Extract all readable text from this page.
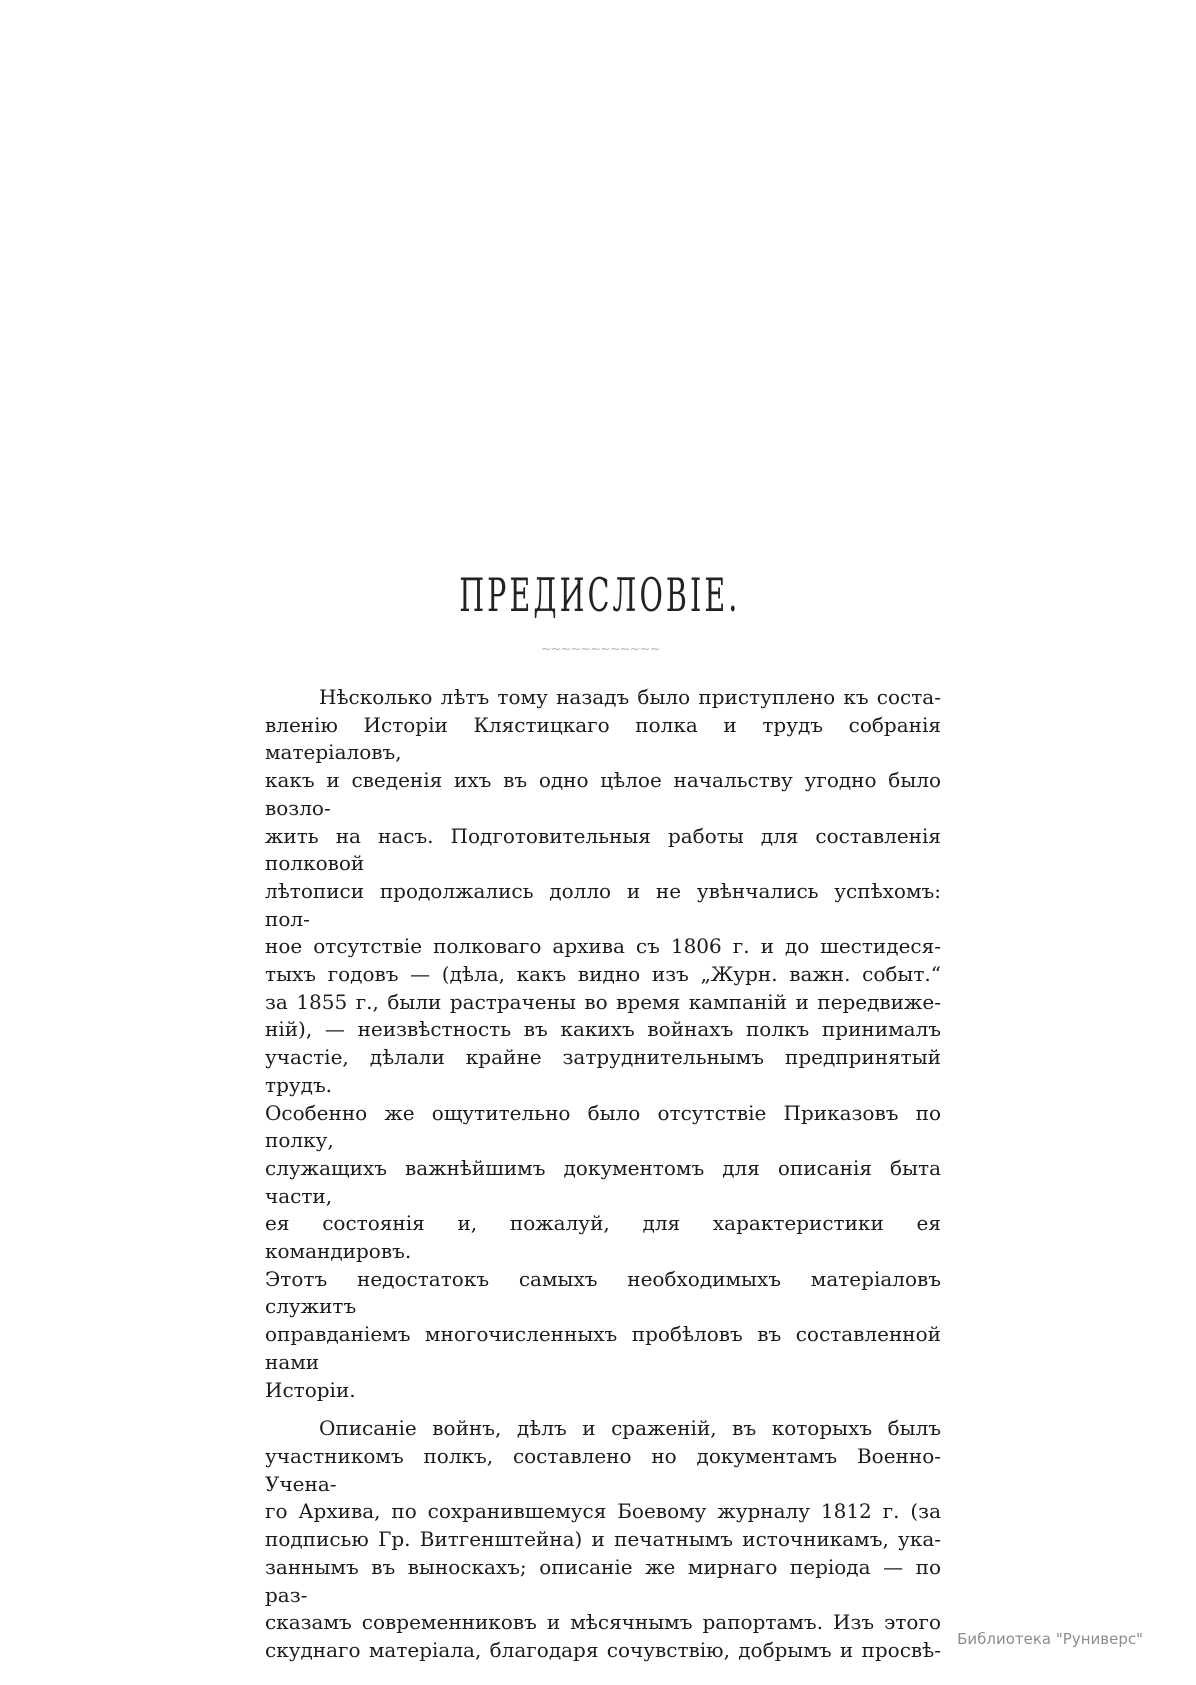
ПРЕДИСЛОВІЕ.
~~~~~~~~~~~~
Нѣсколько лѣтъ тому назадъ было приступлено къ соста-
вленію Исторіи Клястицкаго полка и трудъ собранія матеріаловъ,
какъ и сведенія ихъ въ одно цѣлое начальству угодно было возло-
жить на насъ. Подготовительныя работы для составленія полковой
лѣтописи продолжались долло и не увѣнчались успѣхомъ: пол-
ное отсутствіе полковаго архива съ 1806 г. и до шестидеся-
тыхъ годовъ — (дѣла, какъ видно изъ „Журн. важн. событ.“
за 1855 г., были растрачены во время кампаній и передвиже-
ній), — неизвѣстность въ какихъ войнахъ полкъ принималъ
участіе, дѣлали крайне затруднительнымъ предпринятый трудъ.
Особенно же ощутительно было отсутствіе Приказовъ по полку,
служащихъ важнѣйшимъ документомъ для описанія быта части,
ея состоянія и, пожалуй, для характеристики ея командировъ.
Этотъ недостатокъ самыхъ необходимыхъ матеріаловъ служитъ
оправданіемъ многочисленныхъ пробѣловъ въ составленной нами
Исторіи.
Описаніе войнъ, дѣлъ и сраженій, въ которыхъ былъ
участникомъ полкъ, составлено но документамъ Военно-Учена-
го Архива, по сохранившемуся Боевому журналу 1812 г. (за
подписью Гр. Витгенштейна) и печатнымъ источникамъ, ука-
заннымъ въ выноскахъ; описаніе же мирнаго періода — по раз-
сказамъ современниковъ и мѣсячнымъ рапортамъ. Изъ этого
скуднаго матеріала, благодаря сочувствію, добрымъ и просвѣ- Библиотека "Руниверс"
